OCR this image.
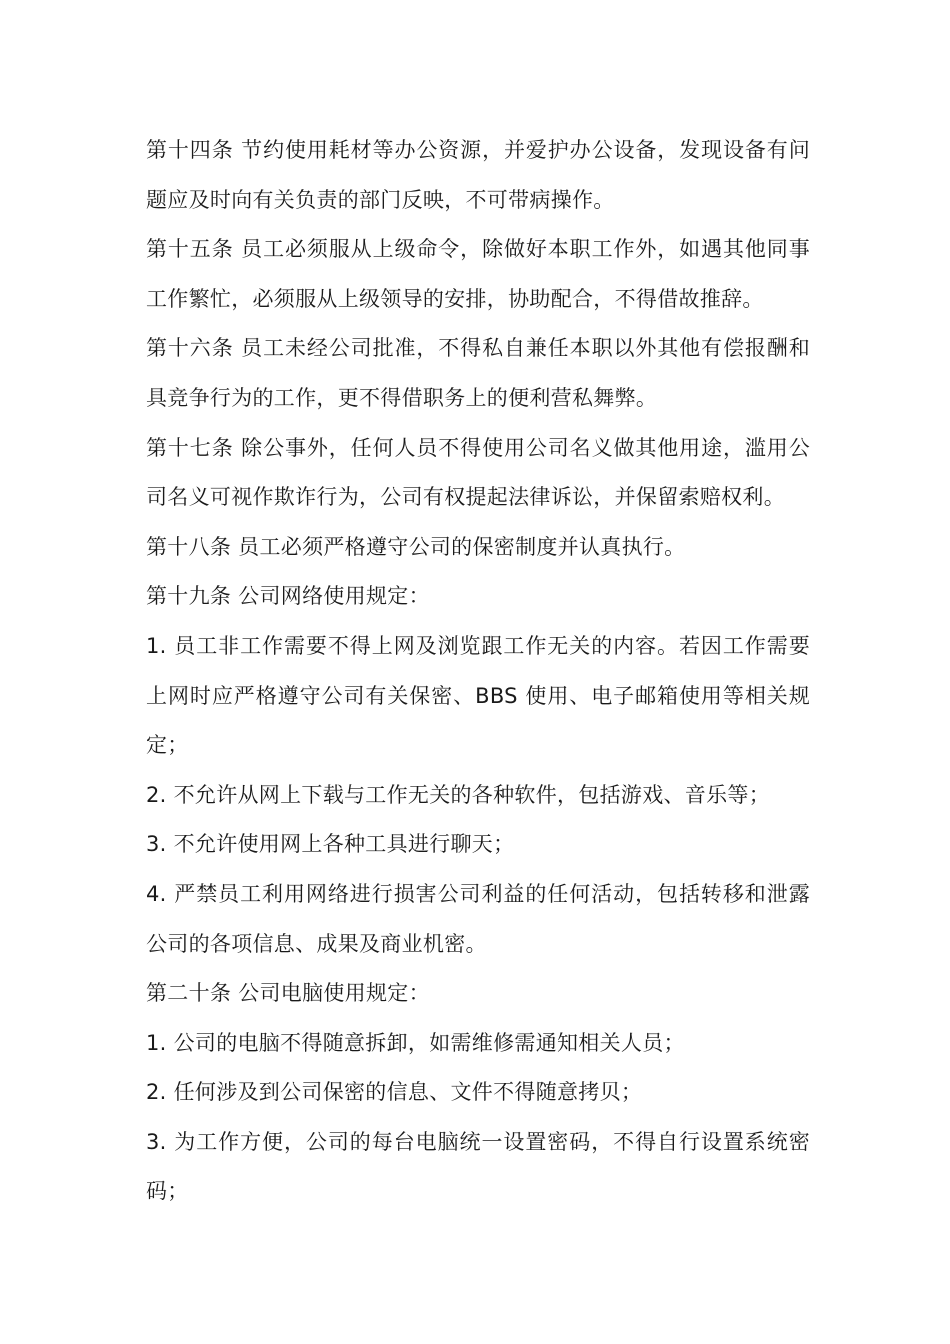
第十四条 节约使用耗材等办公资源，并爱护办公设备，发现设备有问题应及时向有关负责的部门反映，不可带病操作。

第十五条 员工必须服从上级命令，除做好本职工作外，如遇其他同事工作繁忙，必须服从上级领导的安排，协助配合，不得借故推辞。

第十六条 员工未经公司批准，不得私自兼任本职以外其他有偿报酬和具竞争行为的工作，更不得借职务上的便利营私舞弊。

第十七条 除公事外，任何人员不得使用公司名义做其他用途，滥用公司名义可视作欺诈行为，公司有权提起法律诉讼，并保留索赔权利。

第十八条 员工必须严格遵守公司的保密制度并认真执行。

第十九条 公司网络使用规定：

1. 员工非工作需要不得上网及浏览跟工作无关的内容。若因工作需要上网时应严格遵守公司有关保密、BBS 使用、电子邮箱使用等相关规定；

2. 不允许从网上下载与工作无关的各种软件，包括游戏、音乐等；

3. 不允许使用网上各种工具进行聊天；

4. 严禁员工利用网络进行损害公司利益的任何活动，包括转移和泄露公司的各项信息、成果及商业机密。

第二十条 公司电脑使用规定：

1. 公司的电脑不得随意拆卸，如需维修需通知相关人员；

2. 任何涉及到公司保密的信息、文件不得随意拷贝；

3. 为工作方便，公司的每台电脑统一设置密码，不得自行设置系统密码；
